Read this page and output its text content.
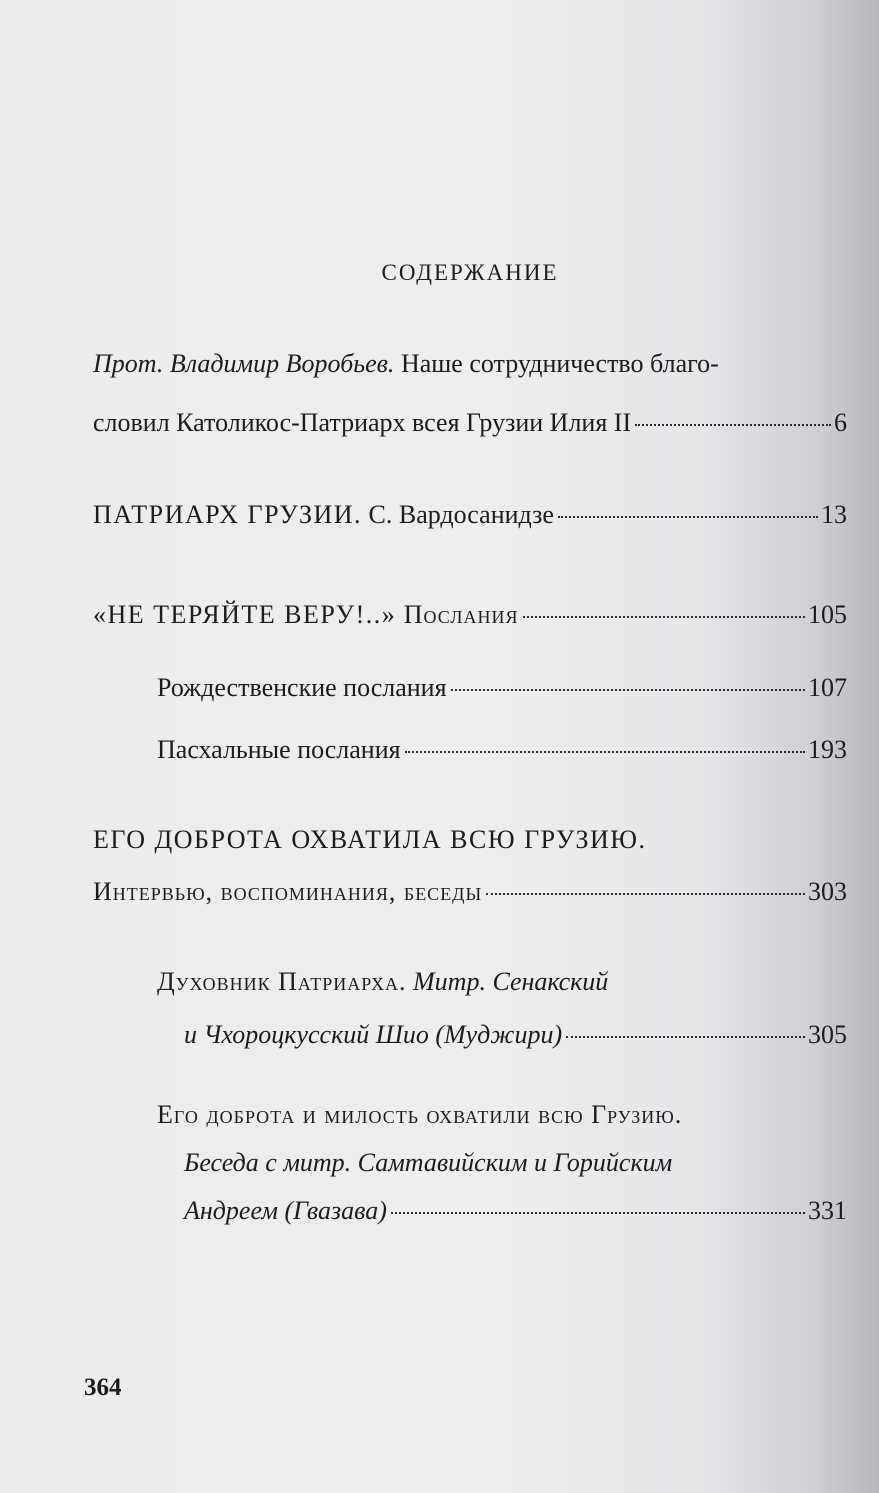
содержание
Прот. Владимир Воробьев. Наше сотрудничество благо-
словил Католикос-Патриарх всея Грузии Илия II	6
ПАТРИАРХ ГРУЗИИ. С. Вардосанидзе	13
«НЕ ТЕРЯЙТЕ ВЕРУ!..» Послания	105
Рождественские послания	107
Пасхальные послания	193
ЕГО ДОБРОТА ОХВАТИЛА ВСЮ ГРУЗИЮ.
Интервью, воспоминания, беседы	303
Духовник Патриарха. Митр. Сенакский
и Чхороцкусский Шио (Муджири)	305
Его доброта и милость охватили всю Грузию.
Беседа с митр. Самтавийским и Горийским
Андреем (Гвазава)	331
364
